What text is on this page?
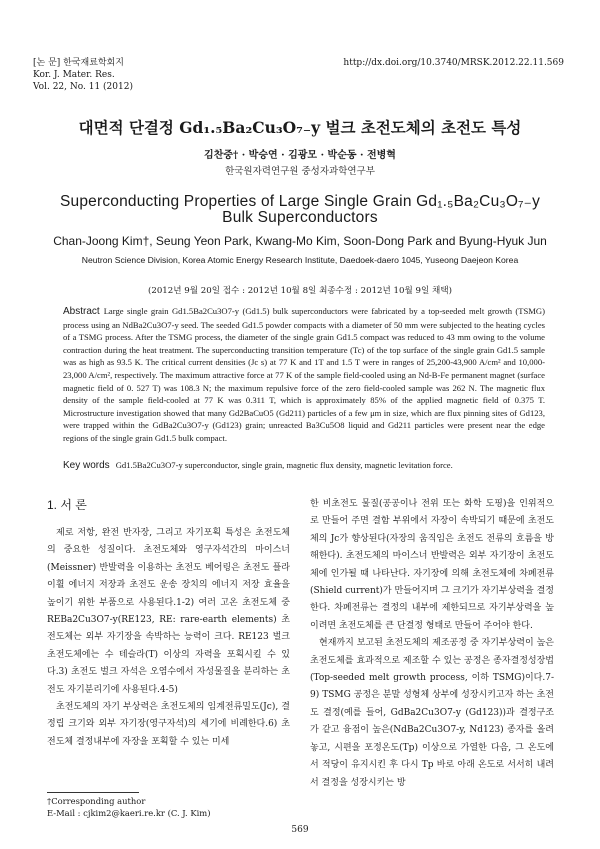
[논 문] 한국재료학회지
Kor. J. Mater. Res.
Vol. 22, No. 11 (2012)
http://dx.doi.org/10.3740/MRSK.2012.22.11.569
대면적 단결정 Gd₁.₅Ba₂Cu₃O₇₋y 벌크 초전도체의 초전도 특성
김찬중† · 박승연 · 김광모 · 박순동 · 전병혁
한국원자력연구원 중성자과학연구부
Superconducting Properties of Large Single Grain Gd₁.₅Ba₂Cu₃O₇₋y
Bulk Superconductors
Chan-Joong Kim†, Seung Yeon Park, Kwang-Mo Kim, Soon-Dong Park and Byung-Hyuk Jun
Neutron Science Division, Korea Atomic Energy Research Institute, Daedoek-daero 1045, Yuseong Daejeon Korea
(2012년 9월 20일 접수 : 2012년 10월 8일 최종수정 : 2012년 10월 9일 채택)
Abstract Large single grain Gd1.5Ba2Cu3O7-y (Gd1.5) bulk superconductors were fabricated by a top-seeded melt growth (TSMG) process using an NdBa2Cu3O7-y seed. The seeded Gd1.5 powder compacts with a diameter of 50 mm were subjected to the heating cycles of a TSMG process. After the TSMG process, the diameter of the single grain Gd1.5 compact was reduced to 43 mm owing to the volume contraction during the heat treatment. The superconducting transition temperature (Tc) of the top surface of the single grain Gd1.5 sample was as high as 93.5 K. The critical current densities (Jc s) at 77 K and 1T and 1.5 T were in ranges of 25,200-43,900 A/cm² and 10,000-23,000 A/cm², respectively. The maximum attractive force at 77 K of the sample field-cooled using an Nd-B-Fe permanent magnet (surface magnetic field of 0. 527 T) was 108.3 N; the maximum repulsive force of the zero field-cooled sample was 262 N. The magnetic flux density of the sample field-cooled at 77 K was 0.311 T, which is approximately 85% of the applied magnetic field of 0.375 T. Microstructure investigation showed that many Gd2BaCuO5 (Gd211) particles of a few μm in size, which are flux pinning sites of Gd123, were trapped within the GdBa2Cu3O7-y (Gd123) grain; unreacted Ba3Cu5O8 liquid and Gd211 particles were present near the edge regions of the single grain Gd1.5 bulk compact.
Key words Gd1.5Ba2Cu3O7-y superconductor, single grain, magnetic flux density, magnetic levitation force.
1. 서 론

제로 저항, 완전 반자장, 그리고 자기포획 특성은 초전도체의 중요한 성질이다. 초전도체와 영구자석간의 마이스너(Meissner) 반발력을 이용하는 초전도 베어링은 초전도 플라이휠 에너지 저장과 초전도 운송 장치의 에너지 저장 효율을 높이기 위한 부품으로 사용된다.1-2) 여러 고온 초전도체 중 REBa2Cu3O7-y(RE123, RE: rare-earth elements) 초전도체는 외부 자기장을 속박하는 능력이 크다. RE123 벌크 초전도체에는 수 테슬라(T) 이상의 자력을 포획시킬 수 있다.3) 초전도 벌크 자석은 오염수에서 자성물질을 분리하는 초전도 자기분리기에 사용된다.4-5)

초전도체의 자기 부상력은 초전도체의 임계전류밀도(Jc), 결정립 크기와 외부 자기장(영구자석)의 세기에 비례한다.6) 초전도체 결정내부에 자장을 포획할 수 있는 미세

한 비초전도 물질(공공이나 전위 또는 화학 도핑)을 인위적으로 만들어 주면 결함 부위에서 자장이 속박되기 때문에 초전도체의 Jc가 향상된다(자장의 움직임은 초전도 전류의 흐름을 방해한다). 초전도체의 마이스너 반발력은 외부 자기장이 초전도체에 인가될 때 나타난다. 자기장에 의해 초전도체에 차폐전류(Shield current)가 만들어지며 그 크기가 자기부상력을 결정한다. 차폐전류는 결정의 내부에 제한되므로 자기부상력을 높이려면 초전도체를 큰 단결정 형태로 만들어 주어야 한다.

현재까지 보고된 초전도체의 제조공정 중 자기부상력이 높은 초전도체를 효과적으로 제조할 수 있는 공정은 종자결정성장법(Top-seeded melt growth process, 이하 TSMG)이다.7-9) TSMG 공정은 분말 성형체 상부에 성장시키고자 하는 초전도 결정(예를 들어, GdBa2Cu3O7-y (Gd123))과 결정구조가 같고 융점이 높은(NdBa2Cu3O7-y, Nd123) 종자를 올려놓고, 시편을 포정온도(Tp) 이상으로 가열한 다음, 그 온도에서 적당이 유지시킨 후 다시 Tp 바로 아래 온도로 서서히 내려서 결정을 성장시키는 방

†Corresponding author
E-Mail : cjkim2@kaeri.re.kr (C. J. Kim)
569
